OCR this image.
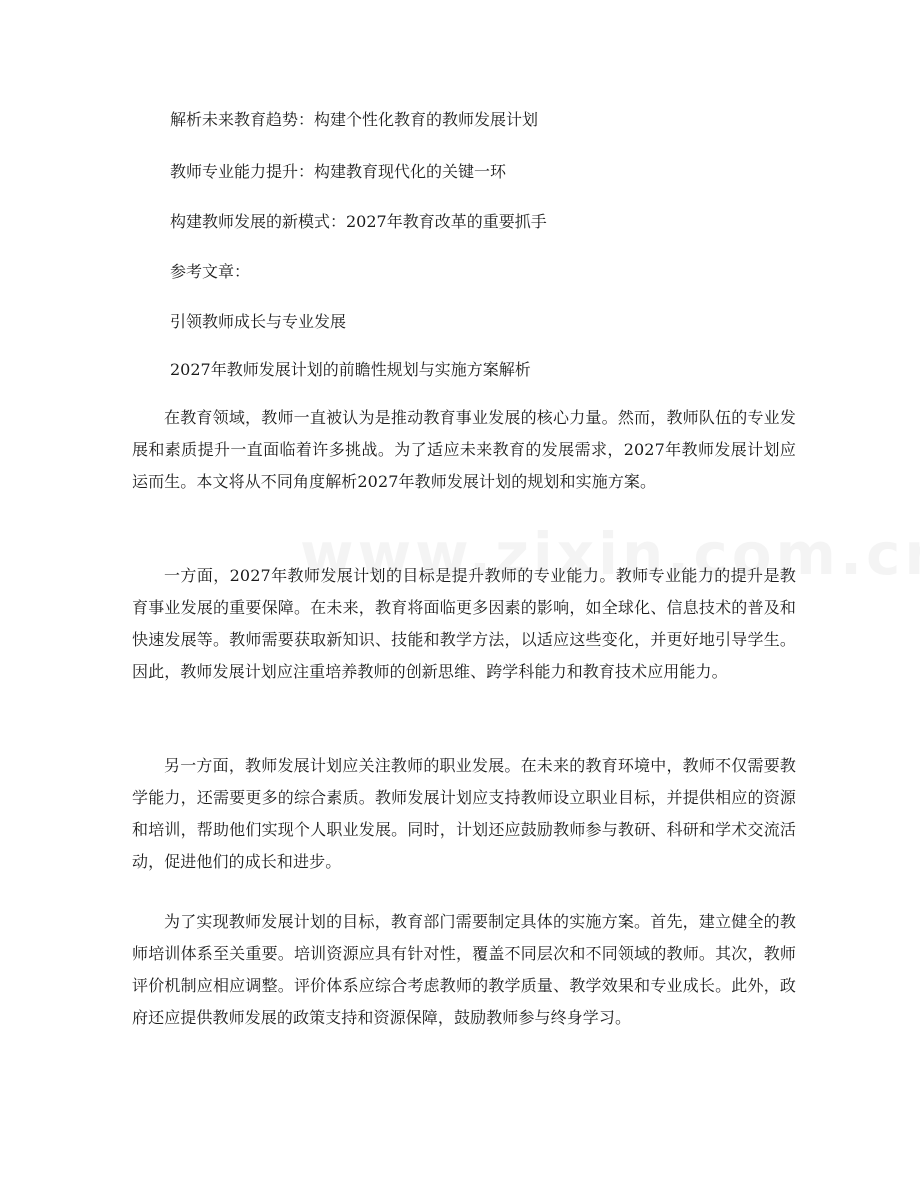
解析未来教育趋势：构建个性化教育的教师发展计划
教师专业能力提升：构建教育现代化的关键一环
构建教师发展的新模式：2027年教育改革的重要抓手
参考文章：
引领教师成长与专业发展
2027年教师发展计划的前瞻性规划与实施方案解析
在教育领域，教师一直被认为是推动教育事业发展的核心力量。然而，教师队伍的专业发展和素质提升一直面临着许多挑战。为了适应未来教育的发展需求，2027年教师发展计划应运而生。本文将从不同角度解析2027年教师发展计划的规划和实施方案。
一方面，2027年教师发展计划的目标是提升教师的专业能力。教师专业能力的提升是教育事业发展的重要保障。在未来，教育将面临更多因素的影响，如全球化、信息技术的普及和快速发展等。教师需要获取新知识、技能和教学方法，以适应这些变化，并更好地引导学生。因此，教师发展计划应注重培养教师的创新思维、跨学科能力和教育技术应用能力。
另一方面，教师发展计划应关注教师的职业发展。在未来的教育环境中，教师不仅需要教学能力，还需要更多的综合素质。教师发展计划应支持教师设立职业目标，并提供相应的资源和培训，帮助他们实现个人职业发展。同时，计划还应鼓励教师参与教研、科研和学术交流活动，促进他们的成长和进步。
为了实现教师发展计划的目标，教育部门需要制定具体的实施方案。首先，建立健全的教师培训体系至关重要。培训资源应具有针对性，覆盖不同层次和不同领域的教师。其次，教师评价机制应相应调整。评价体系应综合考虑教师的教学质量、教学效果和专业成长。此外，政府还应提供教师发展的政策支持和资源保障，鼓励教师参与终身学习。
